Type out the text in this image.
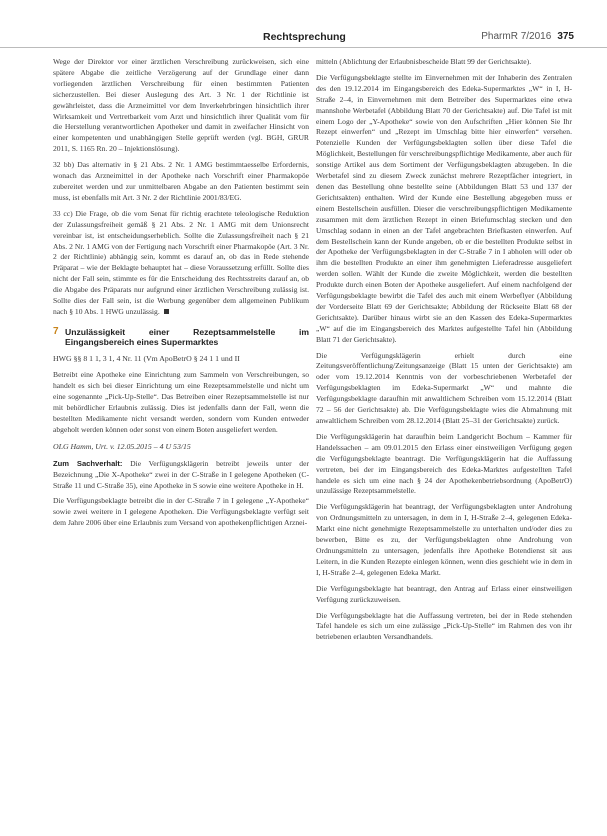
Rechtsprechung	PharmR 7/2016 375

Wege der Direktor vor einer ärztlichen Verschreibung zurückweisen, sich eine spätere Abgabe die zeitliche Verzögerung auf der Grundlage einer dann vorliegenden ärztlichen Verschreibung für einen bestimmten Patienten sicherzustellen. Bei dieser Auslegung des Art. 3 Nr. 1 der Richtlinie ist gewährleistet, dass die Arzneimittel vor dem Inverkehrbringen hinsichtlich ihrer Wirksamkeit und Vertretbarkeit vom Arzt und hinsichtlich ihrer Qualität vom für die Herstellung verantwortlichen Apotheker und damit in zweifacher Hinsicht von einer kompetenten und unabhängigen Stelle geprüft werden (vgl. BGH, GRUR 2011, S. 1165 Rn. 20 – Injektionslösung).

32 bb) Das alternativ in § 21 Abs. 2 Nr. 1 AMG bestimmtaesselbe Erfordernis, wonach das Arzneimittel in der Apotheke nach Vorschrift einer Pharmakopöe zubereitet werden und zur unmittelbaren Abgabe an den Patienten bestimmt sein muss, ist ebenfalls mit Art. 3 Nr. 2 der Richtlinie 2001/83/EG.

33 cc) Die Frage, ob die vom Senat für richtig erachtete teleologische Reduktion der Zulassungsfreiheit gemäß § 21 Abs. 2 Nr. 1 AMG mit dem Unionsrecht vereinbar ist, ist entscheidungserheblich. Sollte die Zulassungsfreiheit nach § 21 Abs. 2 Nr. 1 AMG von der Fertigung nach Vorschrift einer Pharmakopöe (Art. 3 Nr. 2 der Richtlinie) abhängig sein, kommt es darauf an, ob das in Rede stehende Präparat – wie der Beklagte behauptet hat – diese Voraussetzung erfüllt. Sollte dies nicht der Fall sein, stimmte es für die Entscheidung des Rechtsstreits darauf an, ob die Abgabe des Präparats nur aufgrund einer ärztlichen Verschreibung zulässig ist. Sollte dies der Fall sein, ist die Werbung gegenüber dem allgemeinen Publikum nach § 10 Abs. 1 HWG unzulässig.

7 Unzulässigkeit einer Rezeptsammelstelle im Eingangsbereich eines Supermarktes
HWG §§ 8 1 1, 3 1, 4 Nr. 11 (Vm ApoBetrO § 24 1 1 und II

Betreibt eine Apotheke eine Einrichtung zum Sammeln von Verschreibungen, so handelt es sich bei dieser Einrichtung um eine Rezeptsammelstelle und nicht um eine sogenannte „Pick-Up-Stelle“. Das Betreiben einer Rezeptsammelstelle ist nur mit behördlicher Erlaubnis zulässig. Dies ist jedenfalls dann der Fall, wenn die bestellten Medikamente nicht versandt werden, sondern vom Kunden entweder abgeholt werden können oder sonst von einem Boten ausgeliefert werden.

OLG Hamm, Urt. v. 12.05.2015 – 4 U 53/15

Zum Sachverhalt: Die Verfügungsklägerin betreibt jeweils unter der Bezeichnung „Die X-Apotheke“ zwei in der C-Straße in I gelegene Apotheken (C-Straße 11 und C-Straße 35), eine Apotheke in S sowie eine weitere Apotheke in H.

Die Verfügungsbeklagte betreibt die in der C-Straße 7 in I gelegene „Y-Apotheke“ sowie zwei weitere in I gelegene Apotheken. Die Verfügungsbeklagte verfügt seit dem Jahre 2006 über eine Erlaubnis zum Versand von apothekenpflichtigen Arznei-

mitteln (Ablichtung der Erlaubnisbescheide Blatt 99 der Gerichtsakte).

Die Verfügungsbeklagte stellte im Einvernehmen mit der Inhaberin des Zentralen des den 19.12.2014 im Eingangsbereich des Edeka-Supermarktes „W“ in I, H-Straße 2–4, in Einvernehmen mit dem Betreiber des Supermarktes eine etwa mannshohe Werbetafel (Abbildung Blatt 70 der Gerichtsakte) auf. Die Tafel ist mit einem Logo der „Y-Apotheke“ sowie von den Aufschriften „Hier können Sie Ihr Rezept einwerfen“ und „Rezept im Umschlag bitte hier einwerfen“ versehen. Potenzielle Kunden der Verfügungsbeklagten sollen über diese Tafel die Möglichkeit, Bestellungen für verschreibungspflichtige Medikamente, aber auch für sonstige Artikel aus dem Sortiment der Verfügungsbeklagten abzugeben. In die Werbetafel sind zu diesem Zweck zunächst mehrere Rezeptfächer integriert, in denen das Bestellung ohne bestellte seine (Abbildungen Blatt 53 und 137 der Gerichtsakten) enthalten. Wird der Kunde eine Bestellung abgegeben muss er einem Bestellschein ausfüllen. Dieser die verschreibungspflichtigen Medikamente zusammen mit dem ärztlichen Rezept in einen Briefumschlag stecken und den Umschlag sodann in einen an der Tafel angebrachten Briefkasten einwerfen. Auf dem Bestellschein kann der Kunde angeben, ob er die bestellten Produkte selbst in der Apotheke der Verfügungsbeklagten in der C-Straße 7 in I abholen will oder ob ihm die bestellten Produkte an einer ihm genehmigten Lieferadresse ausgeliefert werden sollen. Wählt der Kunde die zweite Möglichkeit, werden die bestellten Produkte durch einen Boten der Apotheke ausgeliefert. Auf einem nachfolgend der Verfügungsbeklagte bewirbt die Tafel des auch mit einem Werbeflyer (Abbildung der Vorderseite Blatt 69 der Gerichtsakte; Abbildung der Rückseite Blatt 68 der Gerichtsakte). Darüber hinaus wirbt sie an den Kassen des Edeka-Supermarktes „W“ auf die im Eingangsbereich des Marktes aufgestellte Tafel hin (Abbildung Blatt 71 der Gerichtsakte).

Die Verfügungsklägerin erhielt durch eine Zeitungsveröffentlichung/Zeitungsanzeige (Blatt 15 unten der Gerichtsakte) am oder vom 19.12.2014 Kenntnis von der vorbeschriebenen Werbetafel der Verfügungsbeklagten im Edeka-Supermarkt „W“ und mahnte die Verfügungsbeklagte daraufhin mit anwaltlichem Schreiben vom 15.12.2014 (Blatt 72 – 56 der Gerichtsakte) ab. Die Verfügungsbeklagte wies die Abmahnung mit anwaltlichem Schreiben vom 28.12.2014 (Blatt 25–31 der Gerichtsakte) zurück.

Die Verfügungsklägerin hat daraufhin beim Landgericht Bochum – Kammer für Handelssachen – am 09.01.2015 den Erlass einer einstweiligen Verfügung gegen die Verfügungsbeklagte beantragt. Die Verfügungsklägerin hat die Auffassung vertreten, bei der im Eingangsbereich des Edeka-Marktes aufgestellten Tafel handele es sich um eine nach § 24 der Apothekenbetriebsordnung (ApoBetrO) unzulässige Rezeptsammelstelle.

Die Verfügungsklägerin hat beantragt, der Verfügungsbeklagten unter Androhung von Ordnungsmitteln zu untersagen, in dem in I, H-Straße 2–4, gelegenen Edeka-Markt eine nicht genehmigte Rezeptsammelstelle zu unterhalten und/oder dies zu bewerben, Bitte es zu, der Verfügungsbeklagten ohne Androhung von Ordnungsmitteln zu untersagen, jedenfalls ihre Apotheke Botendienst sit aus Leitern, in die Kunden Rezepte einlegen können, wenn dies geschieht wie in dem in I, H-Straße 2–4, gelegenen Edeka Markt.

Die Verfügungsbeklagte hat beantragt, den Antrag auf Erlass einer einstweiligen Verfügung zurückzuweisen.

Die Verfügungsbeklagte hat die Auffassung vertreten, bei der in Rede stehenden Tafel handele es sich um eine zulässige „Pick-Up-Stelle“ im Rahmen des von ihr betriebenen erlaubten Versandhandels.
